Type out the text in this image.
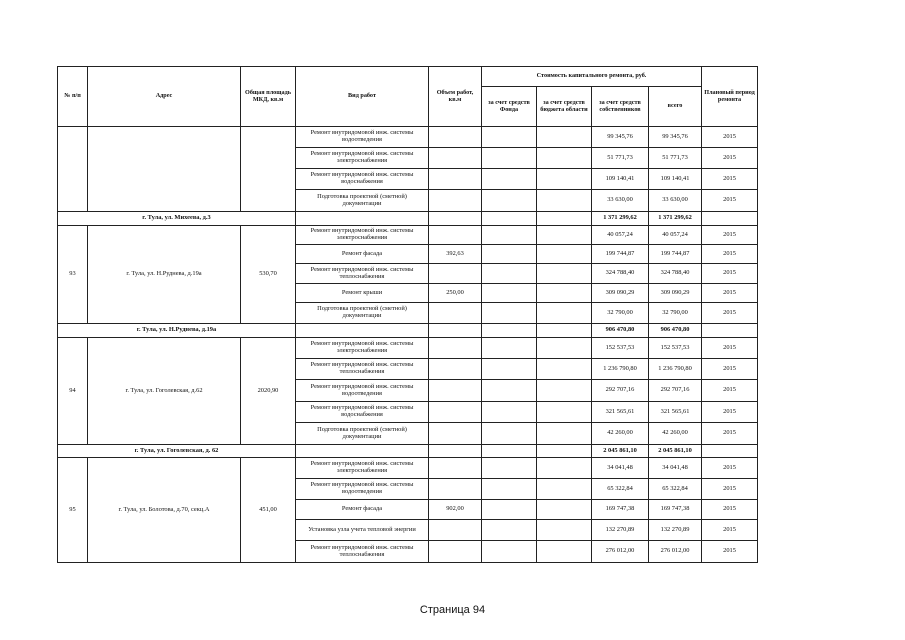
№ п/п	Адрес	Общая площадь МКД, кв.м	Вид работ	Объем работ, кв.м	Стоимость капитального ремонта, руб.				Плановый период ремонта
					за счет средств Фонда	за счет средств бюджета области	за счет средств собственников	всего	
			Ремонт внутридомовой инж. системы водоотведения				99 345,76	99 345,76	2015
			Ремонт внутридомовой инж. системы электроснабжения				51 771,73	51 771,73	2015
			Ремонт внутридомовой инж. системы водоснабжения				109 140,41	109 140,41	2015
			Подготовка проектной (сметной) документации				33 630,00	33 630,00	2015
г. Тула, ул. Михеева, д.3							1 371 299,62	1 371 299,62	
93	г. Тула, ул. Н.Руднева, д.19а	530,70	Ремонт внутридомовой инж. системы электроснабжения				40 057,24	40 057,24	2015
			Ремонт фасада	392,63			199 744,87	199 744,87	2015
			Ремонт внутридомовой инж. системы теплоснабжения				324 788,40	324 788,40	2015
			Ремонт крыши	250,00			309 090,29	309 090,29	2015
			Подготовка проектной (сметной) документации				32 790,00	32 790,00	2015
г. Тула, ул. Н.Руднева, д.19а							906 470,80	906 470,80	
94	г. Тула, ул. Гоголевская, д.62	2020,90	Ремонт внутридомовой инж. системы электроснабжения				152 537,53	152 537,53	2015
			Ремонт внутридомовой инж. системы теплоснабжения				1 236 790,80	1 236 790,80	2015
			Ремонт внутридомовой инж. системы водоотведения				292 707,16	292 707,16	2015
			Ремонт внутридомовой инж. системы водоснабжения				321 565,61	321 565,61	2015
			Подготовка проектной (сметной) документации				42 260,00	42 260,00	2015
г. Тула, ул. Гоголевская, д. 62							2 045 861,10	2 045 861,10	
95	г. Тула, ул. Болотова, д.70, секц.А	451,00	Ремонт внутридомовой инж. системы электроснабжения				34 041,48	34 041,48	2015
			Ремонт внутридомовой инж. системы водоотведения				65 322,84	65 322,84	2015
			Ремонт фасада	902,00			169 747,38	169 747,38	2015
			Установка узла учета тепловой энергии				132 270,89	132 270,89	2015
			Ремонт внутридомовой инж. системы теплоснабжения				276 012,00	276 012,00	2015
Страница 94
